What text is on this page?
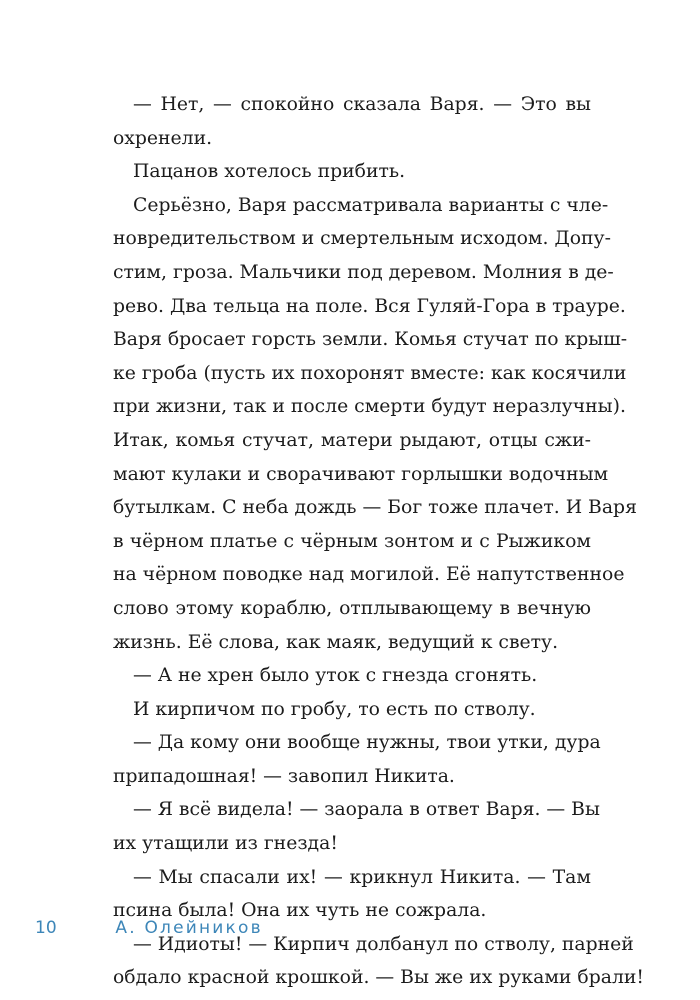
— Нет, — спокойно сказала Варя. — Это вы
охренели.
Пацанов хотелось прибить.
Серьёзно, Варя рассматривала варианты с чле-
новредительством и смертельным исходом. Допу-
стим, гроза. Мальчики под деревом. Молния в де-
рево. Два тельца на поле. Вся Гуляй-Гора в трауре.
Варя бросает горсть земли. Комья стучат по крыш-
ке гроба (пусть их похоронят вместе: как косячили
при жизни, так и после смерти будут неразлучны).
Итак, комья стучат, матери рыдают, отцы сжи-
мают кулаки и сворачивают горлышки водочным
бутылкам. С неба дождь — Бог тоже плачет. И Варя
в чёрном платье с чёрным зонтом и с Рыжиком
на чёрном поводке над могилой. Её напутственное
слово этому кораблю, отплывающему в вечную
жизнь. Её слова, как маяк, ведущий к свету.
— А не хрен было уток с гнезда сгонять.
И кирпичом по гробу, то есть по стволу.
— Да кому они вообще нужны, твои утки, дура
припадошная! — завопил Никита.
— Я всё видела! — заорала в ответ Варя. — Вы
их утащили из гнезда!
— Мы спасали их! — крикнул Никита. — Там
псина была! Она их чуть не сожрала.
— Идиоты! — Кирпич долбанул по стволу, парней
обдало красной крошкой. — Вы же их руками брали!
10	А. Олейников
